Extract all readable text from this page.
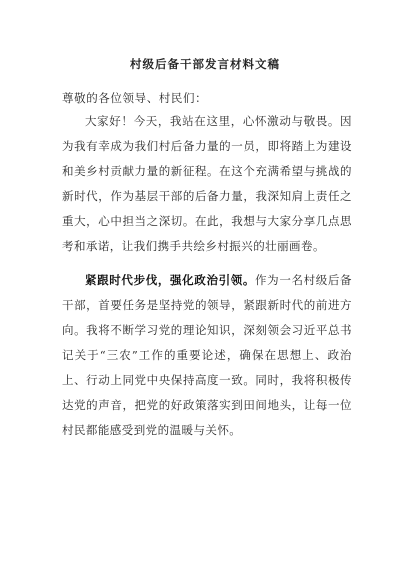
村级后备干部发言材料文稿
尊敬的各位领导、村民们：

大家好！今天，我站在这里，心怀激动与敬畏。因为我有幸成为我们村后备力量的一员，即将踏上为建设和美乡村贡献力量的新征程。在这个充满希望与挑战的新时代，作为基层干部的后备力量，我深知肩上责任之重大，心中担当之深切。在此，我想与大家分享几点思考和承诺，让我们携手共绘乡村振兴的壮丽画卷。

紧跟时代步伐，强化政治引领。作为一名村级后备干部，首要任务是坚持党的领导，紧跟新时代的前进方向。我将不断学习党的理论知识，深刻领会习近平总书记关于“三农”工作的重要论述，确保在思想上、政治上、行动上同党中央保持高度一致。同时，我将积极传达党的声音，把党的好政策落实到田间地头，让每一位村民都能感受到党的温暖与关怀。
